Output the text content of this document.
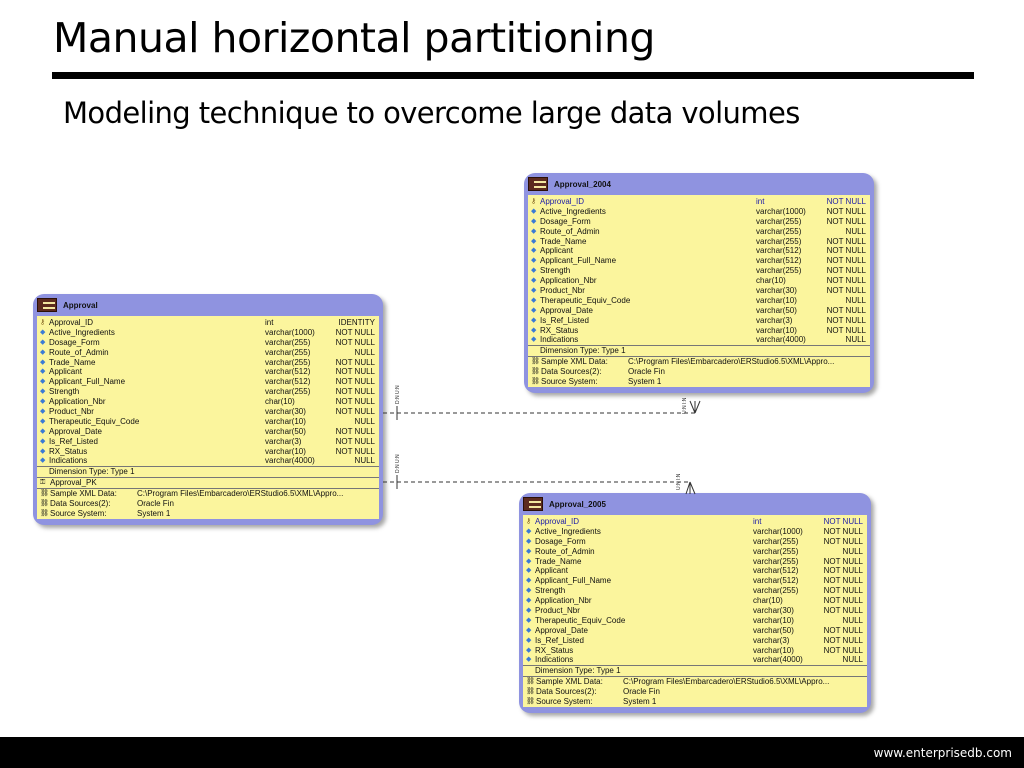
Manual horizontal partitioning
Modeling technique to overcome large data volumes
Approval
⚷ Approval_ID	int	IDENTITY
◆ Active_Ingredients	varchar(1000)	NOT NULL
◆ Dosage_Form	varchar(255)	NOT NULL
◆ Route_of_Admin	varchar(255)	NULL
◆ Trade_Name	varchar(255)	NOT NULL
◆ Applicant	varchar(512)	NOT NULL
◆ Applicant_Full_Name	varchar(512)	NOT NULL
◆ Strength	varchar(255)	NOT NULL
◆ Application_Nbr	char(10)	NOT NULL
◆ Product_Nbr	varchar(30)	NOT NULL
◆ Therapeutic_Equiv_Code	varchar(10)	NULL
◆ Approval_Date	varchar(50)	NOT NULL
◆ Is_Ref_Listed	varchar(3)	NOT NULL
◆ RX_Status	varchar(10)	NOT NULL
◆ Indications	varchar(4000)	NULL
Dimension Type: Type 1
⚿ Approval_PK
⛓ Sample XML Data:	C:\Program Files\Embarcadero\ERStudio6.5\XML\Appro...
⛓ Data Sources(2):	Oracle Fin
⛓ Source System:	System 1
Approval_2004
⚷ Approval_ID	int	NOT NULL
◆ Active_Ingredients	varchar(1000)	NOT NULL
◆ Dosage_Form	varchar(255)	NOT NULL
◆ Route_of_Admin	varchar(255)	NULL
◆ Trade_Name	varchar(255)	NOT NULL
◆ Applicant	varchar(512)	NOT NULL
◆ Applicant_Full_Name	varchar(512)	NOT NULL
◆ Strength	varchar(255)	NOT NULL
◆ Application_Nbr	char(10)	NOT NULL
◆ Product_Nbr	varchar(30)	NOT NULL
◆ Therapeutic_Equiv_Code	varchar(10)	NULL
◆ Approval_Date	varchar(50)	NOT NULL
◆ Is_Ref_Listed	varchar(3)	NOT NULL
◆ RX_Status	varchar(10)	NOT NULL
◆ Indications	varchar(4000)	NULL
Dimension Type: Type 1
⛓ Sample XML Data:	C:\Program Files\Embarcadero\ERStudio6.5\XML\Appro...
⛓ Data Sources(2):	Oracle Fin
⛓ Source System:	System 1
Approval_2005
⚷ Approval_ID	int	NOT NULL
◆ Active_Ingredients	varchar(1000)	NOT NULL
◆ Dosage_Form	varchar(255)	NOT NULL
◆ Route_of_Admin	varchar(255)	NULL
◆ Trade_Name	varchar(255)	NOT NULL
◆ Applicant	varchar(512)	NOT NULL
◆ Applicant_Full_Name	varchar(512)	NOT NULL
◆ Strength	varchar(255)	NOT NULL
◆ Application_Nbr	char(10)	NOT NULL
◆ Product_Nbr	varchar(30)	NOT NULL
◆ Therapeutic_Equiv_Code	varchar(10)	NULL
◆ Approval_Date	varchar(50)	NOT NULL
◆ Is_Ref_Listed	varchar(3)	NOT NULL
◆ RX_Status	varchar(10)	NOT NULL
◆ Indications	varchar(4000)	NULL
Dimension Type: Type 1
⛓ Sample XML Data:	C:\Program Files\Embarcadero\ERStudio6.5\XML\Appro...
⛓ Data Sources(2):	Oracle Fin
⛓ Source System:	System 1
D:N U:N
U:N I:N
D:N U:N
U:N I:N
www.enterprisedb.com
